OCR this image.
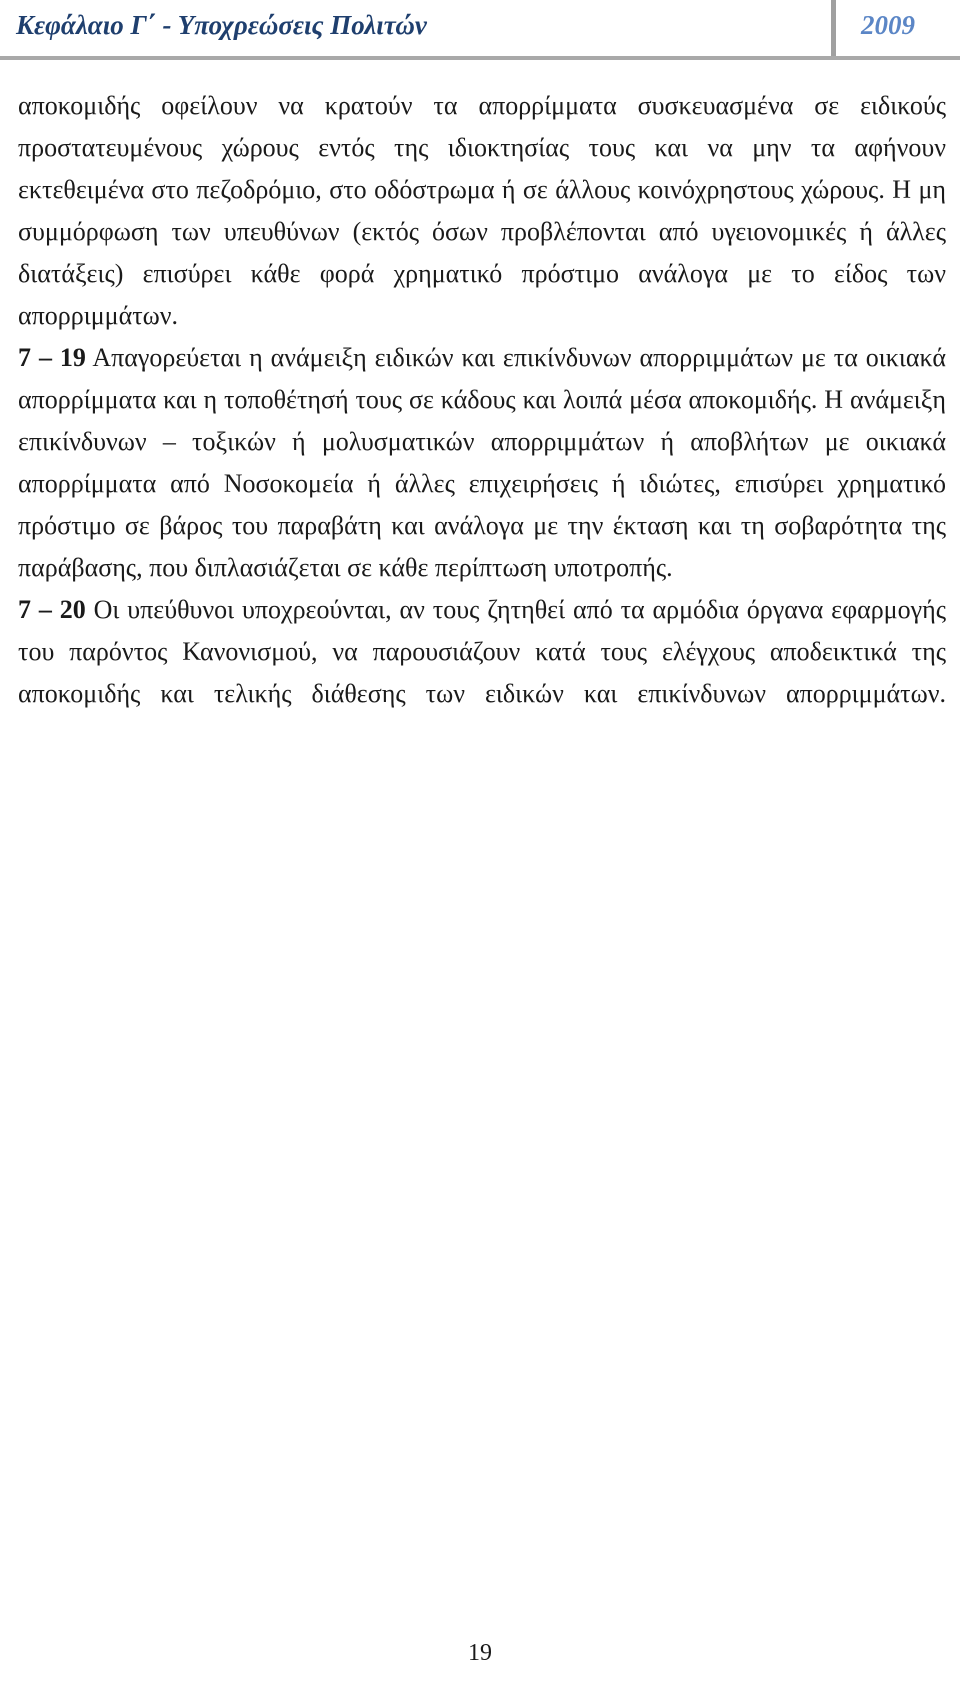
Κεφάλαιο Γ΄ - Υποχρεώσεις Πολιτών	2009

αποκομιδής οφείλουν να κρατούν τα απορρίμματα συσκευασμένα σε ειδικούς προστατευμένους χώρους εντός της ιδιοκτησίας τους και να μην τα αφήνουν εκτεθειμένα στο πεζοδρόμιο, στο οδόστρωμα ή σε άλλους κοινόχρηστους χώρους. Η μη συμμόρφωση των υπευθύνων (εκτός όσων προβλέπονται από υγειονομικές ή άλλες διατάξεις) επισύρει κάθε φορά χρηματικό πρόστιμο ανάλογα με το είδος των απορριμμάτων.

7 – 19 Απαγορεύεται η ανάμειξη ειδικών και επικίνδυνων απορριμμάτων με τα οικιακά απορρίμματα και η τοποθέτησή τους σε κάδους και λοιπά μέσα αποκομιδής. Η ανάμειξη επικίνδυνων – τοξικών ή μολυσματικών απορριμμάτων ή αποβλήτων με οικιακά απορρίμματα από Νοσοκομεία ή άλλες επιχειρήσεις ή ιδιώτες, επισύρει χρηματικό πρόστιμο σε βάρος του παραβάτη και ανάλογα με την έκταση και τη σοβαρότητα της παράβασης, που διπλασιάζεται σε κάθε περίπτωση υποτροπής.

7 – 20 Οι υπεύθυνοι υποχρεούνται, αν τους ζητηθεί από τα αρμόδια όργανα εφαρμογής του παρόντος Κανονισμού, να παρουσιάζουν κατά τους ελέγχους αποδεικτικά της αποκομιδής και τελικής διάθεσης των ειδικών και επικίνδυνων απορριμμάτων.

19
